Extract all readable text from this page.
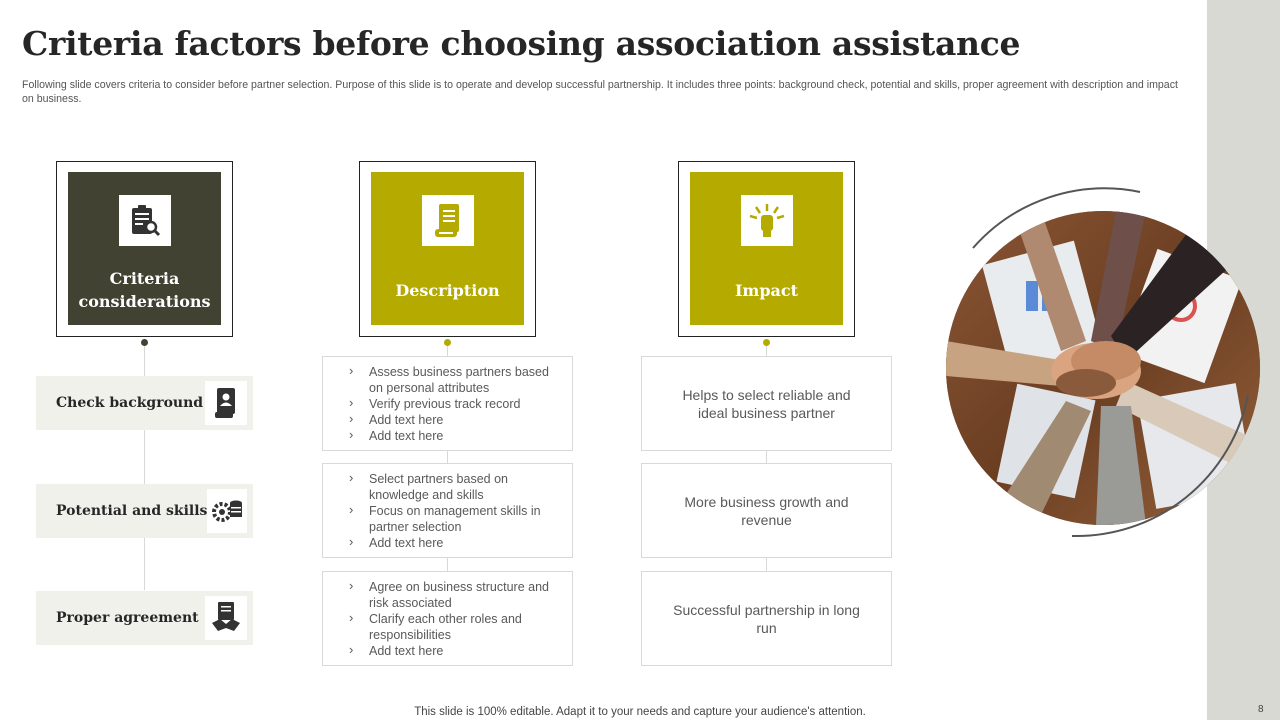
8
Criteria factors before choosing association assistance

Following slide covers criteria to consider before partner selection. Purpose of this slide is to operate and develop successful partnership. It includes three points: background check, potential and skills, proper agreement with description and impact on business.

Criteria considerations
Description	Impact
Check background
Potential and skills
Proper agreement
› Assess business partners based on personal attributes
› Verify previous track record
› Add text here
› Add text here
› Select partners based on knowledge and skills
› Focus on management skills in partner selection
› Add text here
› Agree on business structure and risk associated
› Clarify each other roles and responsibilities
› Add text here
Helps to select reliable and ideal business partner
More business growth and revenue
Successful partnership in long run
This slide is 100% editable. Adapt it to your needs and capture your audience's attention.
